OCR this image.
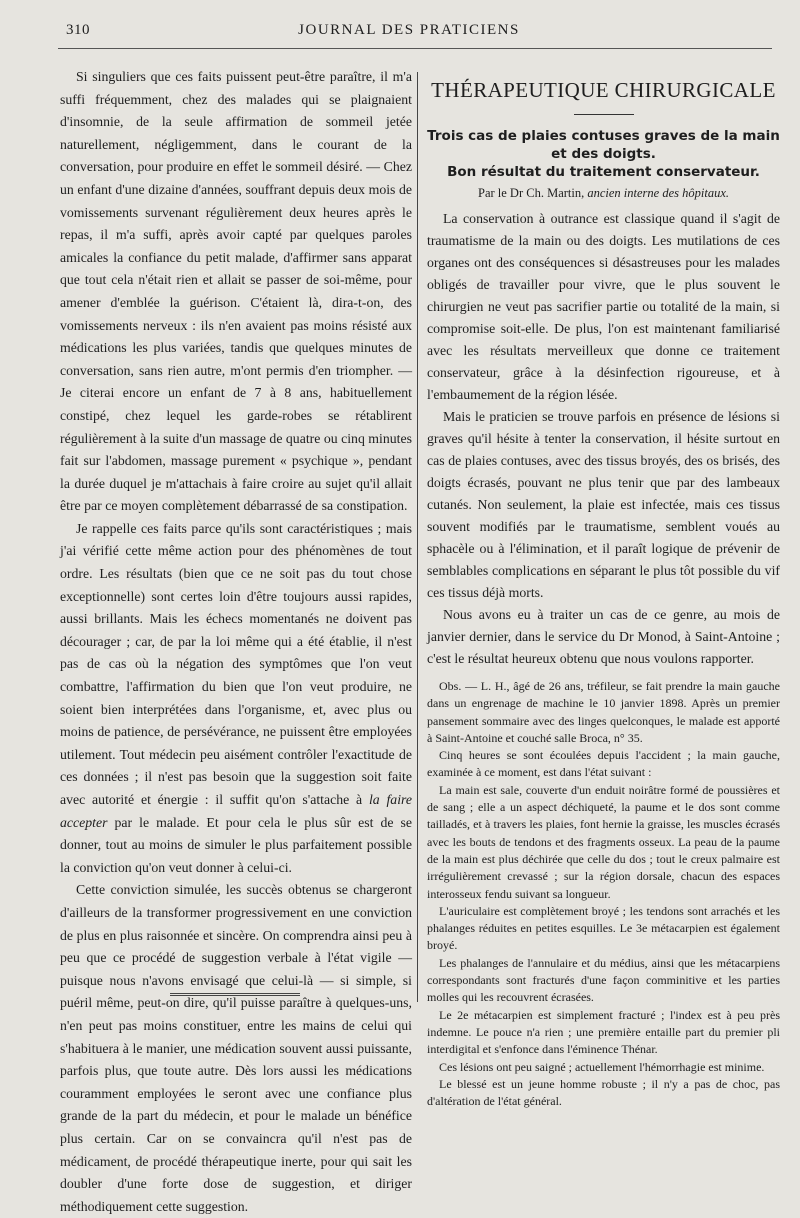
310	JOURNAL DES PRATICIENS

Si singuliers que ces faits puissent peut-être paraître, il m'a suffi fréquemment, chez des malades qui se plaignaient d'insomnie, de la seule affirmation de sommeil jetée naturellement, négligemment, dans le courant de la conversation, pour produire en effet le sommeil désiré. — Chez un enfant d'une dizaine d'années, souffrant depuis deux mois de vomissements survenant régulièrement deux heures après le repas, il m'a suffi, après avoir capté par quelques paroles amicales la confiance du petit malade, d'affirmer sans apparat que tout cela n'était rien et allait se passer de soi-même, pour amener d'emblée la guérison. C'étaient là, dira-t-on, des vomissements nerveux : ils n'en avaient pas moins résisté aux médications les plus variées, tandis que quelques minutes de conversation, sans rien autre, m'ont permis d'en triompher. — Je citerai encore un enfant de 7 à 8 ans, habituellement constipé, chez lequel les garde-robes se rétablirent régulièrement à la suite d'un massage de quatre ou cinq minutes fait sur l'abdomen, massage purement « psychique », pendant la durée duquel je m'attachais à faire croire au sujet qu'il allait être par ce moyen complètement débarrassé de sa constipation.

Je rappelle ces faits parce qu'ils sont caractéristiques ; mais j'ai vérifié cette même action pour des phénomènes de tout ordre. Les résultats (bien que ce ne soit pas du tout chose exceptionnelle) sont certes loin d'être toujours aussi rapides, aussi brillants. Mais les échecs momentanés ne doivent pas décourager ; car, de par la loi même qui a été établie, il n'est pas de cas où la négation des symptômes que l'on veut combattre, l'affirmation du bien que l'on veut produire, ne soient bien interprétées dans l'organisme, et, avec plus ou moins de patience, de persévérance, ne puissent être employées utilement. Tout médecin peu aisément contrôler l'exactitude de ces données ; il n'est pas besoin que la suggestion soit faite avec autorité et énergie : il suffit qu'on s'attache à la faire accepter par le malade. Et pour cela le plus sûr est de se donner, tout au moins de simuler le plus parfaitement possible la conviction qu'on veut donner à celui-ci.

Cette conviction simulée, les succès obtenus se chargeront d'ailleurs de la transformer progressivement en une conviction de plus en plus raisonnée et sincère. On comprendra ainsi peu à peu que ce procédé de suggestion verbale à l'état vigile — puisque nous n'avons envisagé que celui-là — si simple, si puéril même, peut-on dire, qu'il puisse paraître à quelques-uns, n'en peut pas moins constituer, entre les mains de celui qui s'habituera à le manier, une médication souvent aussi puissante, parfois plus, que toute autre. Dès lors aussi les médications couramment employées le seront avec une confiance plus grande de la part du médecin, et pour le malade un bénéfice plus certain. Car on se convaincra qu'il n'est pas de médicament, de procédé thérapeutique inerte, pour qui sait les doubler d'une forte dose de suggestion, et diriger méthodiquement cette suggestion.

THÉRAPEUTIQUE CHIRURGICALE

Trois cas de plaies contuses graves de la main
et des doigts.
Bon résultat du traitement conservateur.

Par le Dr Ch. Martin, ancien interne des hôpitaux.

La conservation à outrance est classique quand il s'agit de traumatisme de la main ou des doigts. Les mutilations de ces organes ont des conséquences si désastreuses pour les malades obligés de travailler pour vivre, que le plus souvent le chirurgien ne veut pas sacrifier partie ou totalité de la main, si compromise soit-elle. De plus, l'on est maintenant familiarisé avec les résultats merveilleux que donne ce traitement conservateur, grâce à la désinfection rigoureuse, et à l'embaumement de la région lésée.

Mais le praticien se trouve parfois en présence de lésions si graves qu'il hésite à tenter la conservation, il hésite surtout en cas de plaies contuses, avec des tissus broyés, des os brisés, des doigts écrasés, pouvant ne plus tenir que par des lambeaux cutanés. Non seulement, la plaie est infectée, mais ces tissus souvent modifiés par le traumatisme, semblent voués au sphacèle ou à l'élimination, et il paraît logique de prévenir de semblables complications en séparant le plus tôt possible du vif ces tissus déjà morts.

Nous avons eu à traiter un cas de ce genre, au mois de janvier dernier, dans le service du Dr Monod, à Saint-Antoine ; c'est le résultat heureux obtenu que nous voulons rapporter.

Obs. — L. H., âgé de 26 ans, tréfileur, se fait prendre la main gauche dans un engrenage de machine le 10 janvier 1898. Après un premier pansement sommaire avec des linges quelconques, le malade est apporté à Saint-Antoine et couché salle Broca, n° 35.

Cinq heures se sont écoulées depuis l'accident ; la main gauche, examinée à ce moment, est dans l'état suivant :

La main est sale, couverte d'un enduit noirâtre formé de poussières et de sang ; elle a un aspect déchiqueté, la paume et le dos sont comme tailladés, et à travers les plaies, font hernie la graisse, les muscles écrasés avec les bouts de tendons et des fragments osseux. La peau de la paume de la main est plus déchirée que celle du dos ; tout le creux palmaire est irrégulièrement crevassé ; sur la région dorsale, chacun des espaces interosseux fendu suivant sa longueur.

L'auriculaire est complètement broyé ; les tendons sont arrachés et les phalanges réduites en petites esquilles. Le 3e métacarpien est également broyé.

Les phalanges de l'annulaire et du médius, ainsi que les métacarpiens correspondants sont fracturés d'une façon comminitive et les parties molles qui les recouvrent écrasées.

Le 2e métacarpien est simplement fracturé ; l'index est à peu près indemne. Le pouce n'a rien ; une première entaille part du premier pli interdigital et s'enfonce dans l'éminence Thénar.

Ces lésions ont peu saigné ; actuellement l'hémorrhagie est minime.

Le blessé est un jeune homme robuste ; il n'y a pas de choc, pas d'altération de l'état général.
